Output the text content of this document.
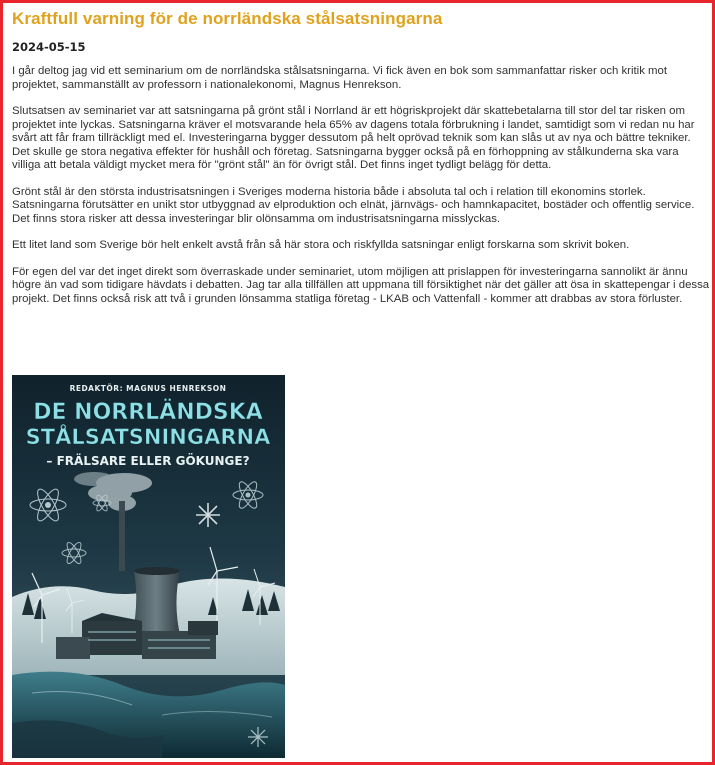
Kraftfull varning för de norrländska stålsatsningarna
2024-05-15

I går deltog jag vid ett seminarium om de norrländska stålsatsningarna. Vi fick även en bok som sammanfattar risker och kritik mot projektet, sammanställt av professorn i nationalekonomi, Magnus Henrekson.

Slutsatsen av seminariet var att satsningarna på grönt stål i Norrland är ett högriskprojekt där skattebetalarna till stor del tar risken om projektet inte lyckas. Satsningarna kräver el motsvarande hela 65% av dagens totala förbrukning i landet, samtidigt som vi redan nu har svårt att får fram tillräckligt med el. Investeringarna bygger dessutom på helt oprövad teknik som kan slås ut av nya och bättre tekniker. Det skulle ge stora negativa effekter för hushåll och företag. Satsningarna bygger också på en förhoppning av stålkunderna ska vara villiga att betala väldigt mycket mera för "grönt stål" än för övrigt stål. Det finns inget tydligt belägg för detta.

Grönt stål är den största industrisatsningen i Sveriges moderna historia både i absoluta tal och i relation till ekonomins storlek. Satsningarna förutsätter en unikt stor utbyggnad av elproduktion och elnät, järnvägs- och hamnkapacitet, bostäder och offentlig service. Det finns stora risker att dessa investeringar blir olönsamma om industrisatsningarna misslyckas.

Ett litet land som Sverige bör helt enkelt avstå från så här stora och riskfyllda satsningar enligt forskarna som skrivit boken.

För egen del var det inget direkt som överraskade under seminariet, utom möjligen att prislappen för investeringarna sannolikt är ännu högre än vad som tidigare hävdats i debatten. Jag tar alla tillfällen att uppmana till försiktighet när det gäller att ösa in skattepengar i dessa projekt. Det finns också risk att två i grunden lönsamma statliga företag - LKAB och Vattenfall - kommer att drabbas av stora förluster.

REDAKTÖR: MAGNUS HENREKSON
DE NORRLÄNDSKA
STÅLSATSNINGARNA
– FRÄLSARE ELLER GÖKUNGE?
